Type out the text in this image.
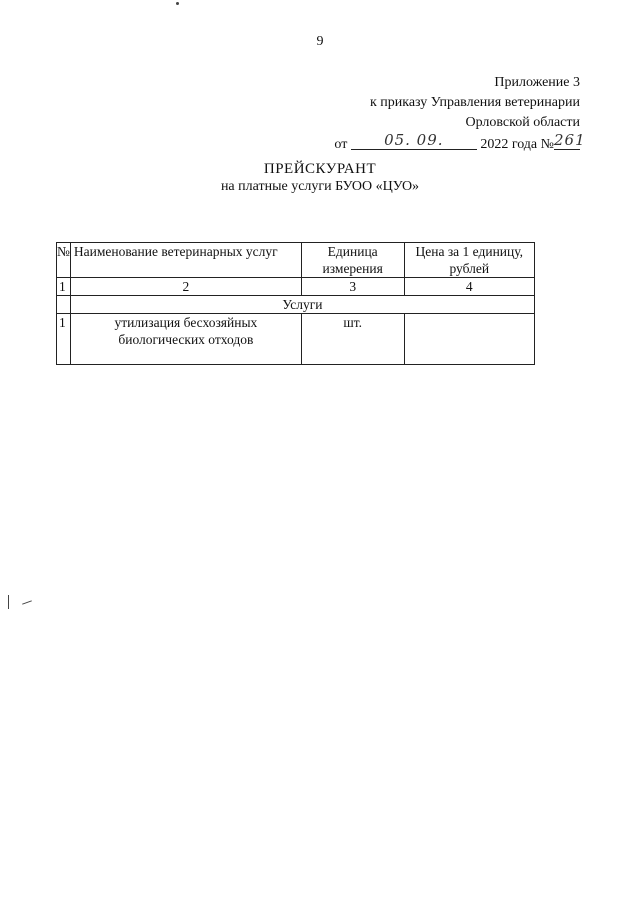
9
Приложение 3
к приказу Управления ветеринарии
Орловской области
от 05. 09.	2022 года №261
ПРЕЙСКУРАНТ
на платные услуги БУОО «ЦУО»
№	Наименование ветеринарных услуг	Единица измерения	Цена за 1 единицу, рублей
1	2	3	4
	Услуги		
1	утилизация бесхозяйных биологических отходов	шт.	
